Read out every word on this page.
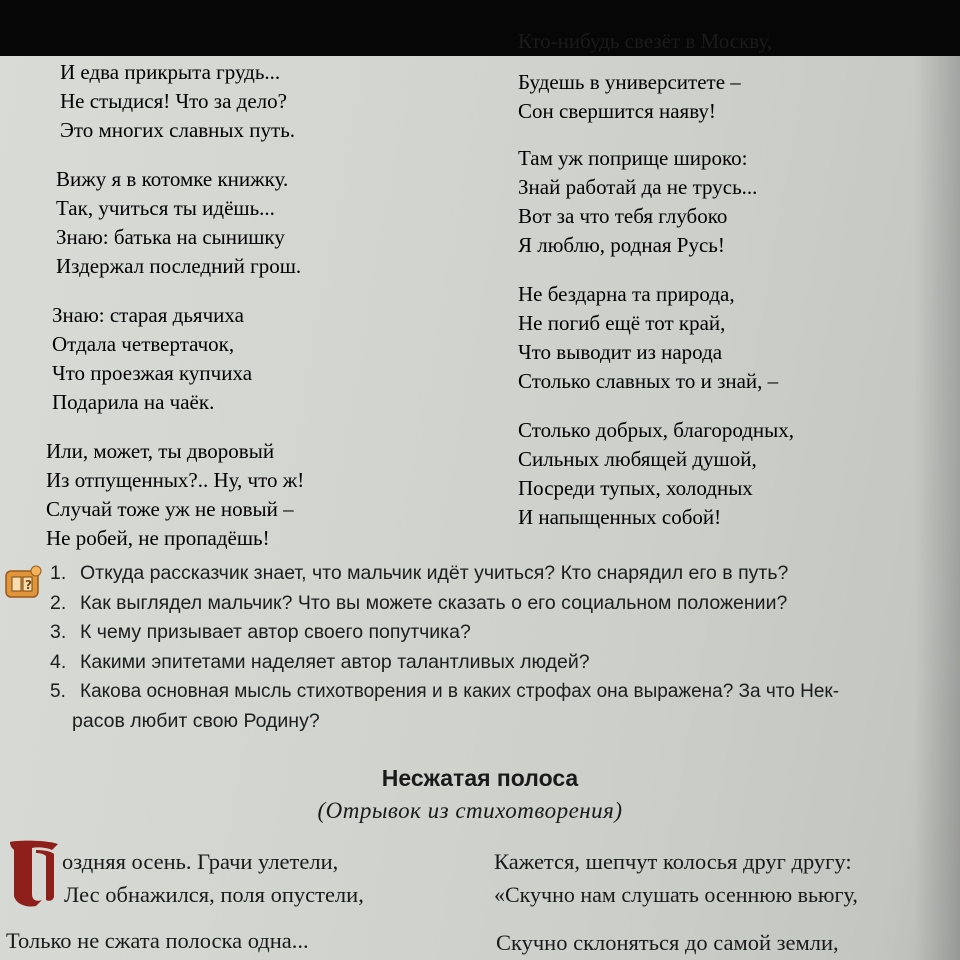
Кто-нибудь свезёт в Москву,
И едва прикрыта грудь...
Не стыдися! Что за дело?
Это многих славных путь.
Вижу я в котомке книжку.
Так, учиться ты идёшь...
Знаю: батька на сынишку
Издержал последний грош.
Знаю: старая дьячиха
Отдала четвертачок,
Что проезжая купчиха
Подарила на чаёк.
Или, может, ты дворовый
Из отпущенных?.. Ну, что ж!
Случай тоже уж не новый –
Не робей, не пропадёшь!
Будешь в университете –
Сон свершится наяву!
Там уж поприще широко:
Знай работай да не трусь...
Вот за что тебя глубоко
Я люблю, родная Русь!
Не бездарна та природа,
Не погиб ещё тот край,
Что выводит из народа
Столько славных то и знай, –
Столько добрых, благородных,
Сильных любящей душой,
Посреди тупых, холодных
И напыщенных собой!
?
1. Откуда рассказчик знает, что мальчик идёт учиться? Кто снарядил его в путь?
2. Как выглядел мальчик? Что вы можете сказать о его социальном положении?
3. К чему призывает автор своего попутчика?
4. Какими эпитетами наделяет автор талантливых людей?
5. Какова основная мысль стихотворения и в каких строфах она выражена? За что Нек-
расов любит свою Родину?
Несжатая полоса
(Отрывок из стихотворения)
оздняя осень. Грачи улетели,
Лес обнажился, поля опустели,
Только не сжата полоска одна...
Кажется, шепчут колосья друг другу:
«Скучно нам слушать осеннюю вьюгу,
Скучно склоняться до самой земли,
